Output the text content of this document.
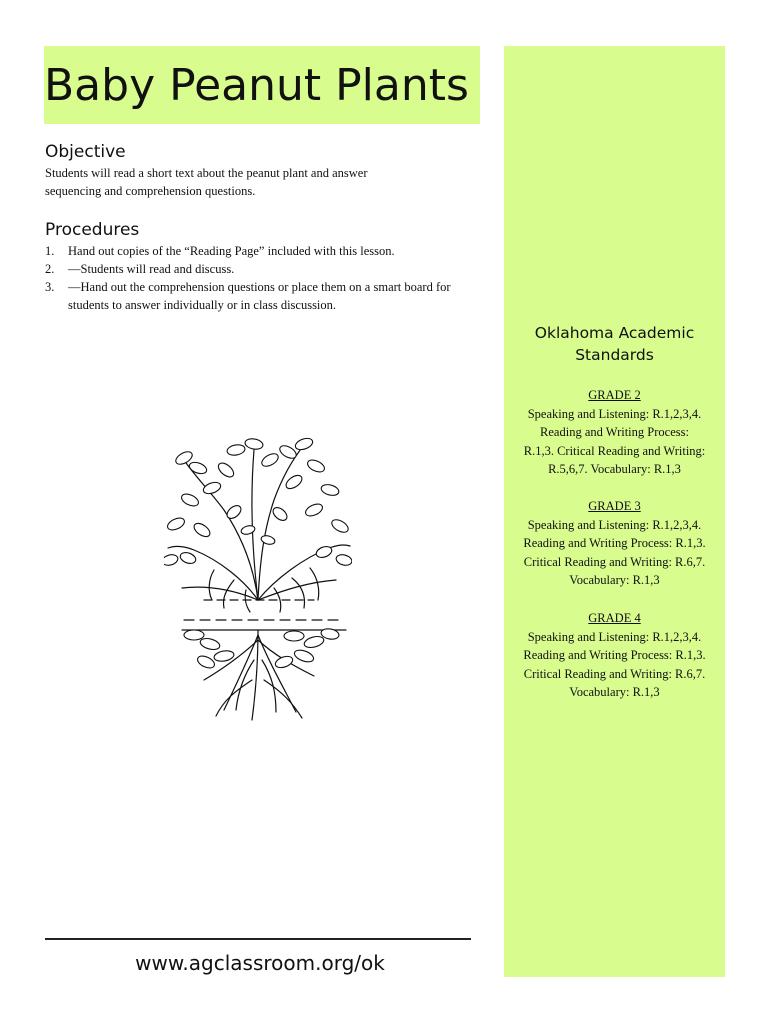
Baby Peanut Plants
Objective

Students will read a short text about the peanut plant and answer
sequencing and comprehension questions.

Procedures
1.	Hand out copies of the “Reading Page” included with this lesson.
2.	—Students will read and discuss.
3.	—Hand out the comprehension questions or place them on a smart board for students to answer individually or in class discussion.
www.agclassroom.org/ok
Oklahoma Academic
Standards
GRADE 2
Speaking and Listening: R.1,2,3,4.
Reading and Writing Process:
R.1,3. Critical Reading and Writing:
R.5,6,7. Vocabulary: R.1,3
GRADE 3
Speaking and Listening: R.1,2,3,4.
Reading and Writing Process: R.1,3.
Critical Reading and Writing: R.6,7.
Vocabulary: R.1,3
GRADE 4
Speaking and Listening: R.1,2,3,4.
Reading and Writing Process: R.1,3.
Critical Reading and Writing: R.6,7.
Vocabulary: R.1,3
